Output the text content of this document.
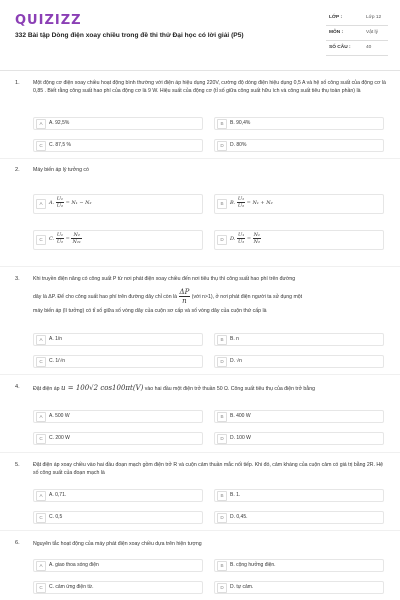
QUIZIZZ
332 Bài tập Dòng điện xoay chiều trong đề thi thử Đại học có lời giải (P5)
LỚP :	Lớp 12
MÔN :	Vật lý
SỐ CÂU :	40
1.	Một động cơ điện xoay chiều hoạt động bình thường với điện áp hiệu dụng 220V, cường độ dòng điện hiệu dụng 0,5 A và hệ số công suất của động cơ là 0,85 . Biết rằng công suất hao phí của động cơ là 9 W. Hiệu suất của động cơ (tỉ số giữa công suất hữu ích và công suất tiêu thụ toàn phần) là
A	A. 92,5%	B	B. 90,4%
C	C. 87,5 %	D	D. 80%
2.	Máy biến áp lý tưởng có
A	A. $\frac{\text{U₁}}{\text{U₂}} = N_1 - N_2$	B	B. $\frac{\text{U₁}}{\text{U₂}} = N_1 + N_2$
C	C. $\frac{\text{U₁}}{\text{U₂}} = \frac{\text{N₂}}{\text{N₂₁}}$	D	D. $\frac{\text{U₁}}{\text{U₂}} = \frac{\text{N₁}}{\text{N₂}}$
3.	Khi truyền điện năng có công suất P từ nơi phát điện xoay chiều đến nơi tiêu thụ thì công suất hao phí trên đường
dây là ΔP. Để cho công suất hao phí trên đường dây chỉ còn là $\frac{\Delta P}{n}$ (với n>1), ở nơi phát điện người ta sử dụng một
máy biến áp (lí tưởng) có tỉ số giữa số vòng dây của cuộn sơ cấp và số vòng dây của cuộn thứ cấp là
A	A. 1/n	B	B. n
C	C. 1/√n	D	D. √n
4.	Đặt điện áp u = 100√2 cos100πt(V) vào hai đầu một điện trở thuần 50 Ω. Công suất tiêu thụ của điện trở bằng
A	A. 500 W	B	B. 400 W
C	C. 200 W	D	D. 100 W
5.	Đặt điện áp xoay chiều vào hai đầu đoạn mạch gồm điện trở R và cuộn cảm thuần mắc nối tiếp. Khi đó, cảm kháng của cuộn cảm có giá trị bằng 2R. Hệ số công suất của đoạn mạch là
A	A. 0,71.	B	B. 1.
C	C. 0,5	D	D. 0,45.
6.	Nguyên tắc hoạt động của máy phát điện xoay chiều dựa trên hiện tượng
A	A. giao thoa sóng điện	B	B. cộng hưởng điện.
C	C. cảm ứng điện từ.	D	D. tự cảm.
